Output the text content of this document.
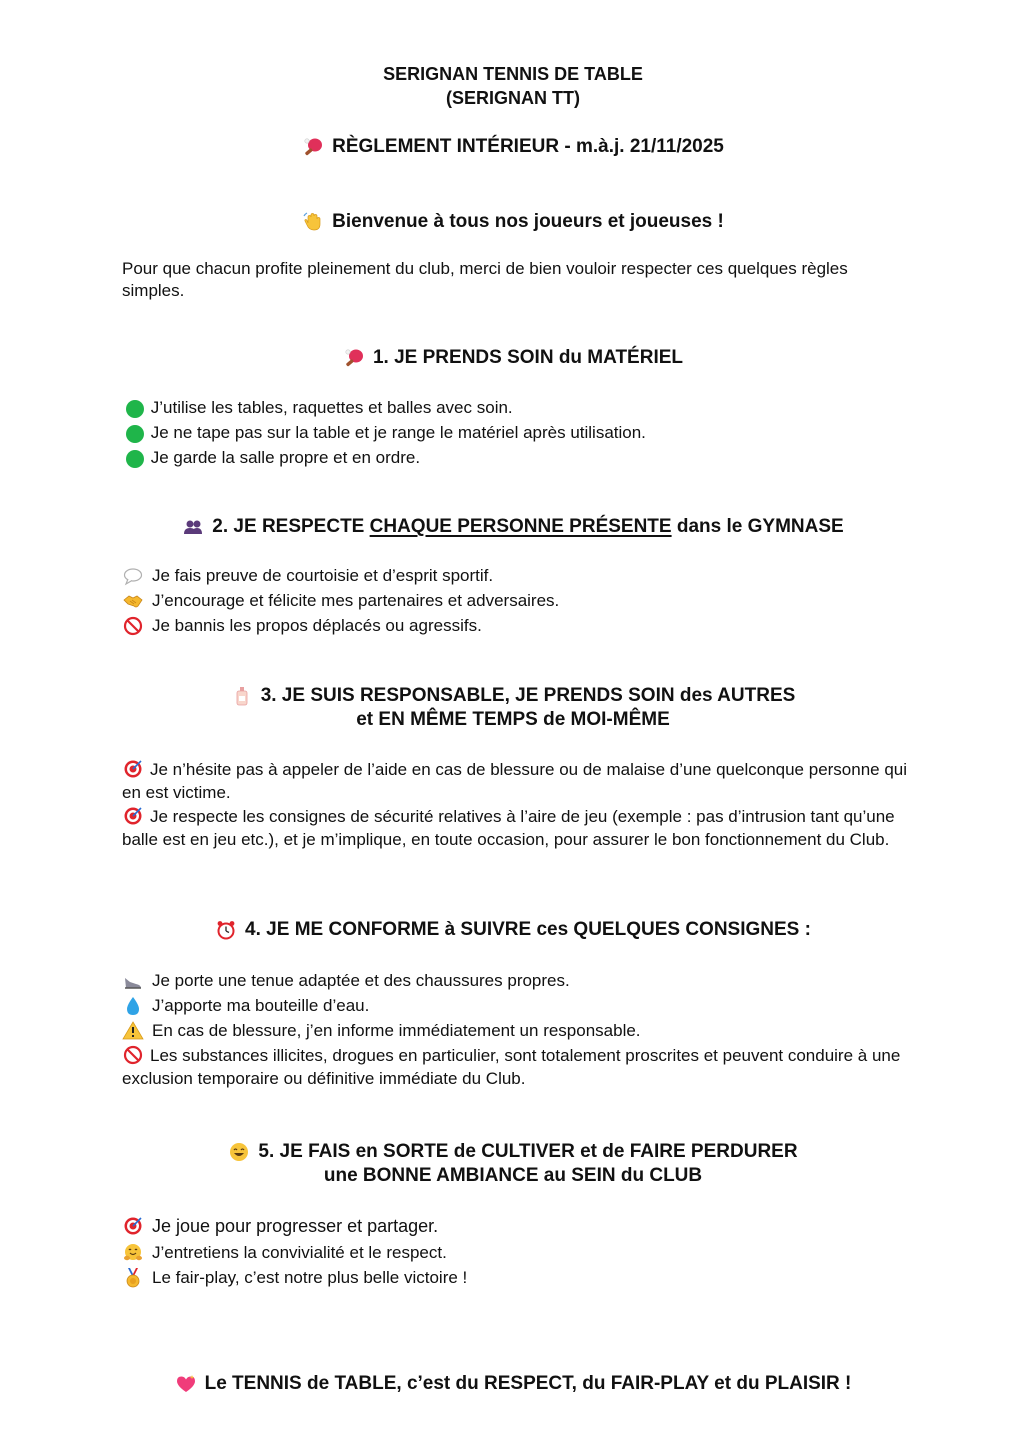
SERIGNAN TENNIS DE TABLE
(SERIGNAN TT)
RÈGLEMENT INTÉRIEUR - m.à.j. 21/11/2025
Bienvenue à tous nos joueurs et joueuses !
Pour que chacun profite pleinement du club, merci de bien vouloir respecter ces quelques règles simples.
1. JE PRENDS SOIN du MATÉRIEL
J’utilise les tables, raquettes et balles avec soin.
Je ne tape pas sur la table et je range le matériel après utilisation.
Je garde la salle propre et en ordre.
2. JE RESPECTE CHAQUE PERSONNE PRÉSENTE dans le GYMNASE
Je fais preuve de courtoisie et d’esprit sportif.
J’encourage et félicite mes partenaires et adversaires.
Je bannis les propos déplacés ou agressifs.
3. JE SUIS RESPONSABLE, JE PRENDS SOIN des AUTRES
et EN MÊME TEMPS de MOI-MÊME
Je n’hésite pas à appeler de l’aide en cas de blessure ou de malaise d’une quelconque personne qui en est victime.
Je respecte les consignes de sécurité relatives à l’aire de jeu (exemple : pas d’intrusion tant qu’une balle est en jeu etc.), et je m’implique, en toute occasion, pour assurer le bon fonctionnement du Club.
4. JE ME CONFORME à SUIVRE ces QUELQUES CONSIGNES :
Je porte une tenue adaptée et des chaussures propres.
J’apporte ma bouteille d’eau.
En cas de blessure, j’en informe immédiatement un responsable.
Les substances illicites, drogues en particulier, sont totalement proscrites et peuvent conduire à une exclusion temporaire ou définitive immédiate du Club.
5. JE FAIS en SORTE de CULTIVER et de FAIRE PERDURER
une BONNE AMBIANCE au SEIN du CLUB
Je joue pour progresser et partager.
J’entretiens la convivialité et le respect.
Le fair-play, c’est notre plus belle victoire !
Le TENNIS de TABLE, c’est du RESPECT, du FAIR-PLAY et du PLAISIR !
